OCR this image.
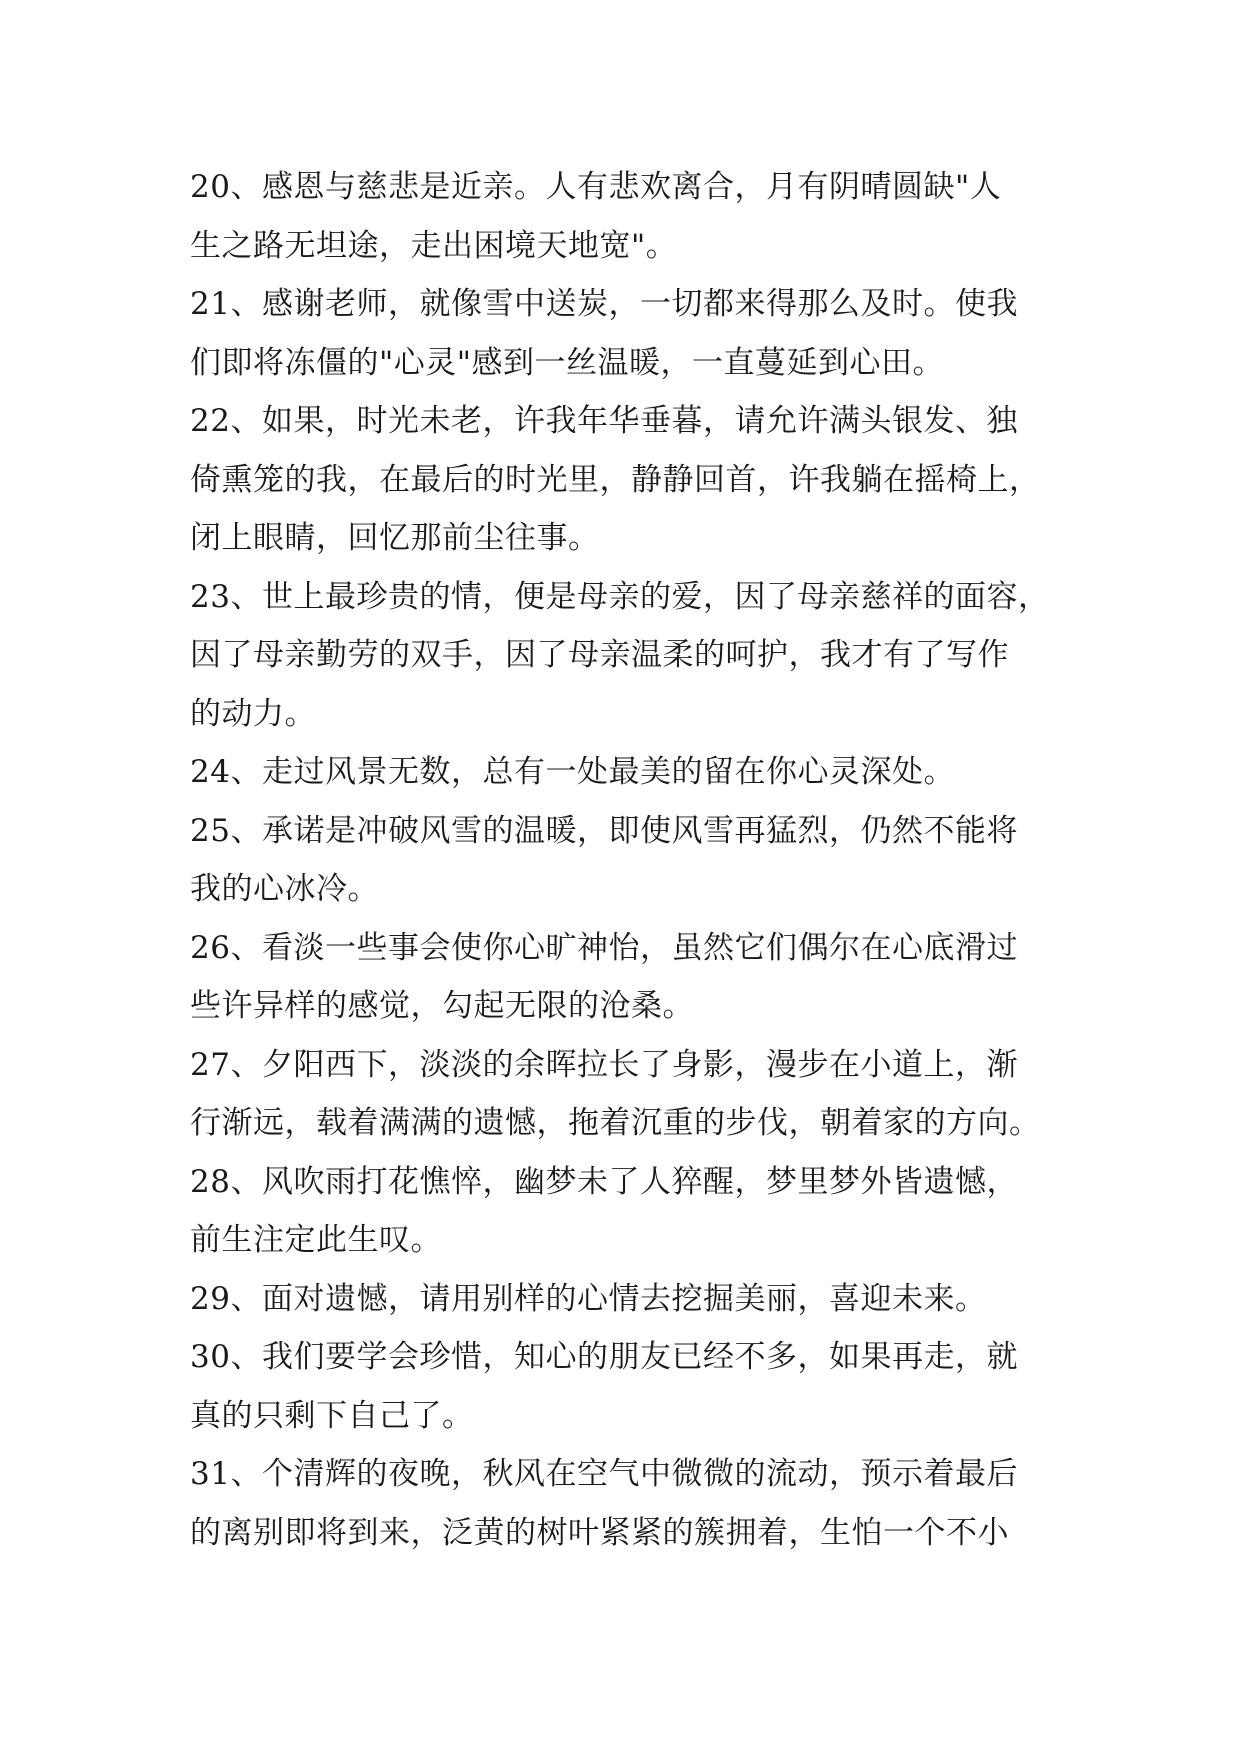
20、感恩与慈悲是近亲。人有悲欢离合，月有阴晴圆缺"人
生之路无坦途，走出困境天地宽"。
21、感谢老师，就像雪中送炭，一切都来得那么及时。使我
们即将冻僵的"心灵"感到一丝温暖，一直蔓延到心田。
22、如果，时光未老，许我年华垂暮，请允许满头银发、独
倚熏笼的我，在最后的时光里，静静回首，许我躺在摇椅上，
闭上眼睛，回忆那前尘往事。
23、世上最珍贵的情，便是母亲的爱，因了母亲慈祥的面容，
因了母亲勤劳的双手，因了母亲温柔的呵护，我才有了写作
的动力。
24、走过风景无数，总有一处最美的留在你心灵深处。
25、承诺是冲破风雪的温暖，即使风雪再猛烈，仍然不能将
我的心冰冷。
26、看淡一些事会使你心旷神怡，虽然它们偶尔在心底滑过
些许异样的感觉，勾起无限的沧桑。
27、夕阳西下，淡淡的余晖拉长了身影，漫步在小道上，渐
行渐远，载着满满的遗憾，拖着沉重的步伐，朝着家的方向。
28、风吹雨打花憔悴，幽梦未了人猝醒，梦里梦外皆遗憾，
前生注定此生叹。
29、面对遗憾，请用别样的心情去挖掘美丽，喜迎未来。
30、我们要学会珍惜，知心的朋友已经不多，如果再走，就
真的只剩下自己了。
31、个清辉的夜晚，秋风在空气中微微的流动，预示着最后
的离别即将到来，泛黄的树叶紧紧的簇拥着，生怕一个不小
